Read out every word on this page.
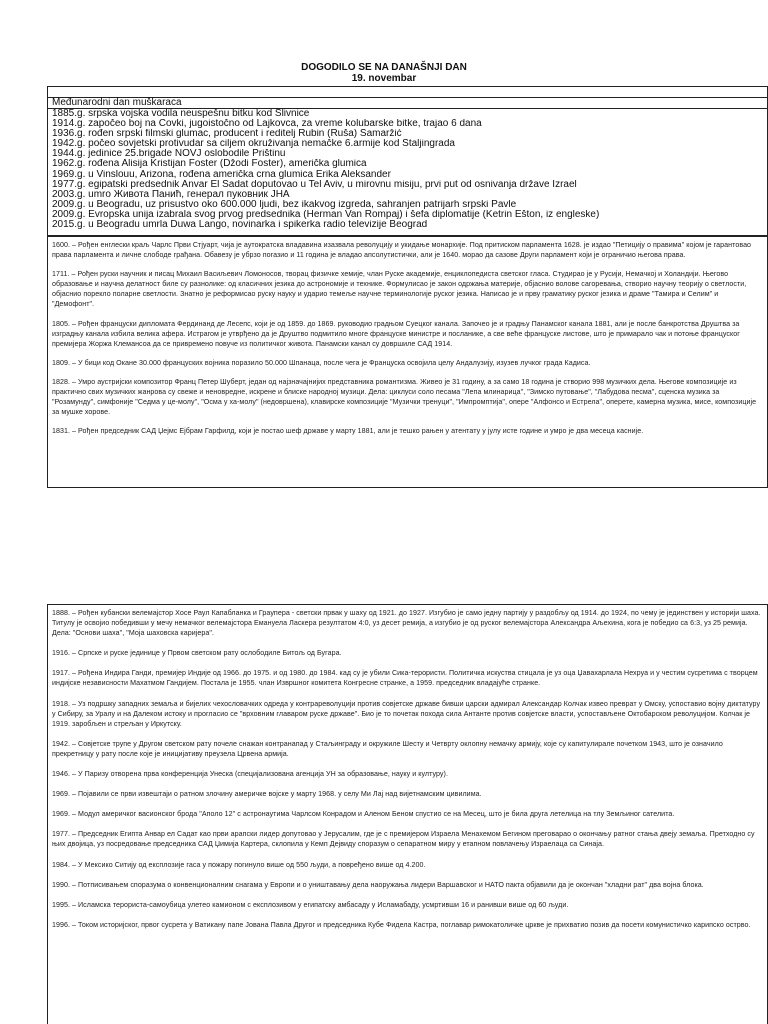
DOGODILO SE NA DANAŠNJI DAN
19. novembar
Međunarodni dan muškaraca
1885.g. srpska vojska vodila neuspešnu bitku kod Slivnice
1914.g. započeo boj na Čovki, jugoistočno od Lajkovca, za vreme kolubarske bitke, trajao 6 dana
1936.g. rođen srpski filmski glumac, producent i reditelj Rubin (Ruša) Samaržić
1942.g. počeo sovjetski protivudar sa ciljem okruživanja nemačke 6.armije kod Staljingrada
1944.g. jedinice 25.brigade NOVJ oslobodile Prištinu
1962.g. rođena Alisija Kristijan Foster (Džodi Foster), američka glumica
1969.g. u Vinslouu, Arizona, rođena američka crna glumica Erika Aleksander
1977.g. egipatski predsednik Anvar El Sadat doputovao u Tel Aviv, u mirovnu misiju, prvi put od osnivanja države Izrael
2003.g. umro Живота Панић, генерал пуковник ЈНА
2009.g. u Beogradu, uz prisustvo oko 600.000 ljudi, bez ikakvog izgreda, sahranjen patrijarh srpski Pavle
2009.g. Evropska unija izabrala svog prvog predsednika (Herman Van Rompaj) i šefa diplomatije (Ketrin Ešton, iz engleske)
2015.g. u Beogradu umrla Duwa Lango, novinarka i spikerka radio televizije Beograd

1600. – Рођен енглески краљ Чарлс Први Стјуарт, чија је аутократска владавина изазвала револуцију и укидање монархије. Под притиском парламента 1628. је издао "Петицију о правима" којом је гарантовао права парламента и личне слободе грађана. Обавезу је убрзо погазио и 11 година је владао апсолутистички, али је 1640. морао да сазове Други парламент који је ограничио његова права.

1711. – Рођен руски научник и писац Михаил Васиљевич Ломоносов, творац физичке хемије, члан Руске академије, енциклопедиста светског гласа. Студирао је у Русији, Немачкој и Холандији. Његово образовање и научна делатност биле су разноликe: од класичних језика до астрономије и технике. Формулисао је закон одржања материје, објаснио волове сагоревања, створио научну теорију о светлости, објаснио порекло поларне светлости. Знатно је реформисао руску науку и ударио темеље научне терминологије руског језика. Написао је и прву граматику руског језика и драме "Тамира и Селим" и "Демофонт".

1805. – Рођен француски дипломата Фердинанд де Лесепс, који је од 1859. до 1869. руководио градњом Суецког канала. Започео је и градњу Панамског канала 1881, али је после банкротства Друштва за изградњу канала избила велика афера. Истрагом је утврђено да је Друштво подмитило многе француске министре и посланике, а све веће француске листове, што је примарало чак и потоње француског премијера Жоржа Клемансоа да се привремено повуче из политичког живота. Панамски канал су довршиле САД 1914.

1809. – У бици код Окане 30.000 француских војника поразило 50.000 Шпанаца, после чега је Француска освојила целу Андалузију, изузев лучког града Кадиса.

1828. – Умро аустријски композитор Франц Петер Шуберт, један од најзначајнијих представника романтизма. Живео је 31 годину, а за само 18 година је створио 998 музичких дела. Његове композиције из практично свих музичких жанрова су свеже и неновредне, искрене и блиске народној музици. Дела: циклуси соло песама "Лепа млинарица", "Зимско путовање", "Лабудова песма", сценска музика за "Розамунду", симфоније "Седма у це-молу", "Осма у ха-молу" (недовршена), клавирске композиције "Музички тренуци", "Импромптија", опере "Алфонсо и Естрела", оперете, камерна музика, мисе, композиције за мушке хорове.

1831. – Рођен председник САД Џејмс Ејбрам Гарфилд, који је постао шеф државе у марту 1881, али је тешко рањен у атентату у јулу исте године и умро је два месеца касније.

1888. – Рођен кубански велемајстор Хосе Раул Капабланка и Граупера - светски првак у шаху од 1921. до 1927. Изгубио је само једну партију у раздобљу од 1914. до 1924, по чему је јединствен у историји шаха. Титулу је освојио победивши у мечу немачког велемајстора Емануела Ласкера резултатом 4:0, уз десет ремија, а изгубио је од руског велемајстора Александра Аљехина, кога је победио са 6:3, уз 25 ремија. Дела: "Основи шаха", "Моја шаховска каријера".

1916. – Српске и руске јединице у Првом светском рату ослободиле Битољ од Бугара.

1917. – Рођена Индира Ганди, премијер Индије од 1966. до 1975. и од 1980. до 1984. кад су је убили Сика-терористи. Политичка искуства стицала је уз оца Џавахарлала Нехруа и у честим сусретима с творцем индијске независности Махатмом Гандијем. Постала је 1955. члан Извршног комитета Конгресне странке, а 1959. председник владајуће странке.

1918. – Уз подршку западних земаља и бијелих чехословачких одреда у контрареволуцији против совјетске државе бивши царски адмирал Александар Колчак извео преврат у Омску, успоставио војну диктатуру у Сибиру, за Уралу и на Далеком истоку и прогласио се "врховним главаром руске државе". Био је то почетак похода сила Антанте против совјетске власти, успостављене Октобарском револуцијом. Колчак је 1919. заробљен и стрељан у Иркутску.

1942. – Совјетске трупе у Другом светском рату почеле снажан контранапад у Стаљинграду и окружиле Шесту и Четврту оклопну немачку армију, које су капитулирале почетком 1943, што је означило прекретницу у рату после које је иницијативу преузела Црвена армија.

1946. – У Паризу отворена прва конференција Унеска (специјализована агенција УН за образовање, науку и културу).

1969. – Појавили се први извештаји о ратном злочину америчке војске у марту 1968. у селу Ми Лај над вијетнамским цивилима.

1969. – Модул америчког васионског брода "Аполо 12" с астронаутима Чарлсом Конрадом и Аленом Беном спустио се на Месец, што је била друга летелица на тлу Земљиног сателита.

1977. – Председник Египта Анвар ел Садат као први арапски лидер допутовао у Јерусалим, где је с премијером Израела Менахемом Бегином преговарао о окончању ратног стања двеју земаља. Претходно су њих двојица, уз посредовање председника САД Џимија Картера, склопила у Кемп Дејвиду споразум о сепаратном миру у етапном повлачењу Израелаца са Синаја.

1984. – У Мексико Ситију од експлозије гаса у пожару погинуло више од 550 људи, а повређено више од 4.200.

1990. – Потписивањем споразума о конвенционалним снагама у Европи и о уништавању дела наоружања лидери Варшавског и НАТО пакта објавили да је окончан "хладни рат" два војна блока.

1995. – Исламска терориста-самоубица улетео камионом с експлозивом у египатску амбасаду у Исламабаду, усмртивши 16 и ранивши више од 60 људи.

1996. – Током историјског, првог сусрета у Ватикану папе Јована Павла Другог и председника Кубе Фидела Кастра, поглавар римокатоличке цркве је прихватио позив да посети комунистичко карипско острво.
